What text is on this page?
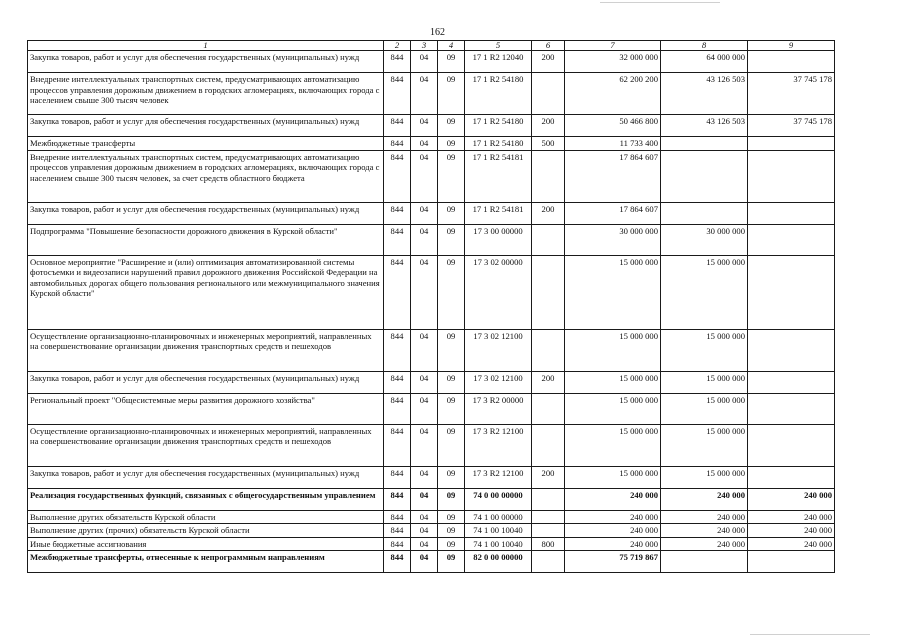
162
1	2	3	4	5	6	7	8	9
Закупка товаров, работ и услуг для обеспечения государственных (муниципальных) нужд	844	04	09	17 1 R2 12040	200	32 000 000	64 000 000	
Внедрение интеллектуальных транспортных систем, предусматривающих автоматизацию процессов управления дорожным движением в городских агломерациях, включающих города с населением свыше 300 тысяч человек	844	04	09	17 1 R2 54180		62 200 200	43 126 503	37 745 178
Закупка товаров, работ и услуг для обеспечения государственных (муниципальных) нужд	844	04	09	17 1 R2 54180	200	50 466 800	43 126 503	37 745 178
Межбюджетные трансферты	844	04	09	17 1 R2 54180	500	11 733 400		
Внедрение интеллектуальных транспортных систем, предусматривающих автоматизацию процессов управления дорожным движением в городских агломерациях, включающих города с населением свыше 300 тысяч человек, за счет средств областного бюджета	844	04	09	17 1 R2 54181		17 864 607		
Закупка товаров, работ и услуг для обеспечения государственных (муниципальных) нужд	844	04	09	17 1 R2 54181	200	17 864 607		
Подпрограмма "Повышение безопасности дорожного движения в Курской области"	844	04	09	17 3 00 00000		30 000 000	30 000 000	
Основное мероприятие "Расширение и (или) оптимизация автоматизированной системы фотосъемки и видеозаписи нарушений правил дорожного движения Российской Федерации на автомобильных дорогах общего пользования регионального или межмуниципального значения Курской области"	844	04	09	17 3 02 00000		15 000 000	15 000 000	
Осуществление организационно-планировочных и инженерных мероприятий, направленных на совершенствование организации движения транспортных средств и пешеходов	844	04	09	17 3 02 12100		15 000 000	15 000 000	
Закупка товаров, работ и услуг для обеспечения государственных (муниципальных) нужд	844	04	09	17 3 02 12100	200	15 000 000	15 000 000	
Региональный проект "Общесистемные меры развития дорожного хозяйства"	844	04	09	17 3 R2 00000		15 000 000	15 000 000	
Осуществление организационно-планировочных и инженерных мероприятий, направленных на совершенствование организации движения транспортных средств и пешеходов	844	04	09	17 3 R2 12100		15 000 000	15 000 000	
Закупка товаров, работ и услуг для обеспечения государственных (муниципальных) нужд	844	04	09	17 3 R2 12100	200	15 000 000	15 000 000	
Реализация государственных функций, связанных с общегосударственным управлением	844	04	09	74 0 00 00000		240 000	240 000	240 000
Выполнение других обязательств Курской области	844	04	09	74 1 00 00000		240 000	240 000	240 000
Выполнение других (прочих) обязательств Курской области	844	04	09	74 1 00 10040		240 000	240 000	240 000
Иные бюджетные ассигнования	844	04	09	74 1 00 10040	800	240 000	240 000	240 000
Межбюджетные трансферты, отнесенные к непрограммным направлениям	844	04	09	82 0 00 00000		75 719 867		
